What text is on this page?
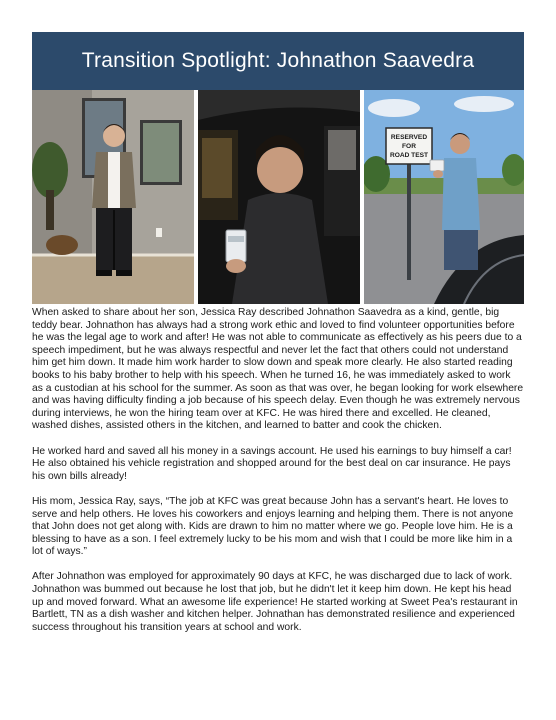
Transition Spotlight: Johnathon Saavedra
RESERVED
FOR
ROAD TEST

When asked to share about her son, Jessica Ray described Johnathon Saavedra as a kind, gentle, big teddy bear. Johnathon has always had a strong work ethic and loved to find volunteer opportunities before he was the legal age to work and after! He was not able to communicate as effectively as his peers due to a speech impediment, but he was always respectful and never let the fact that others could not understand him get him down. It made him work harder to slow down and speak more clearly. He also started reading books to his baby brother to help with his speech. When he turned 16, he was immediately asked to work as a custodian at his school for the summer. As soon as that was over, he began looking for work elsewhere and was having difficulty finding a job because of his speech delay. Even though he was extremely nervous during interviews, he won the hiring team over at KFC. He was hired there and excelled. He cleaned, washed dishes, assisted others in the kitchen, and learned to batter and cook the chicken.

He worked hard and saved all his money in a savings account. He used his earnings to buy himself a car! He also obtained his vehicle registration and shopped around for the best deal on car insurance. He pays his own bills already!

His mom, Jessica Ray, says, “The job at KFC was great because John has a servant's heart. He loves to serve and help others. He loves his coworkers and enjoys learning and helping them. There is not anyone that John does not get along with. Kids are drawn to him no matter where we go. People love him. He is a blessing to have as a son. I feel extremely lucky to be his mom and wish that I could be more like him in a lot of ways.”

After Johnathon was employed for approximately 90 days at KFC, he was discharged due to lack of work. Johnathon was bummed out because he lost that job, but he didn't let it keep him down. He kept his head up and moved forward. What an awesome life experience! He started working at Sweet Pea's restaurant in Bartlett, TN as a dish washer and kitchen helper. Johnathan has demonstrated resilience and experienced success throughout his transition years at school and work.
